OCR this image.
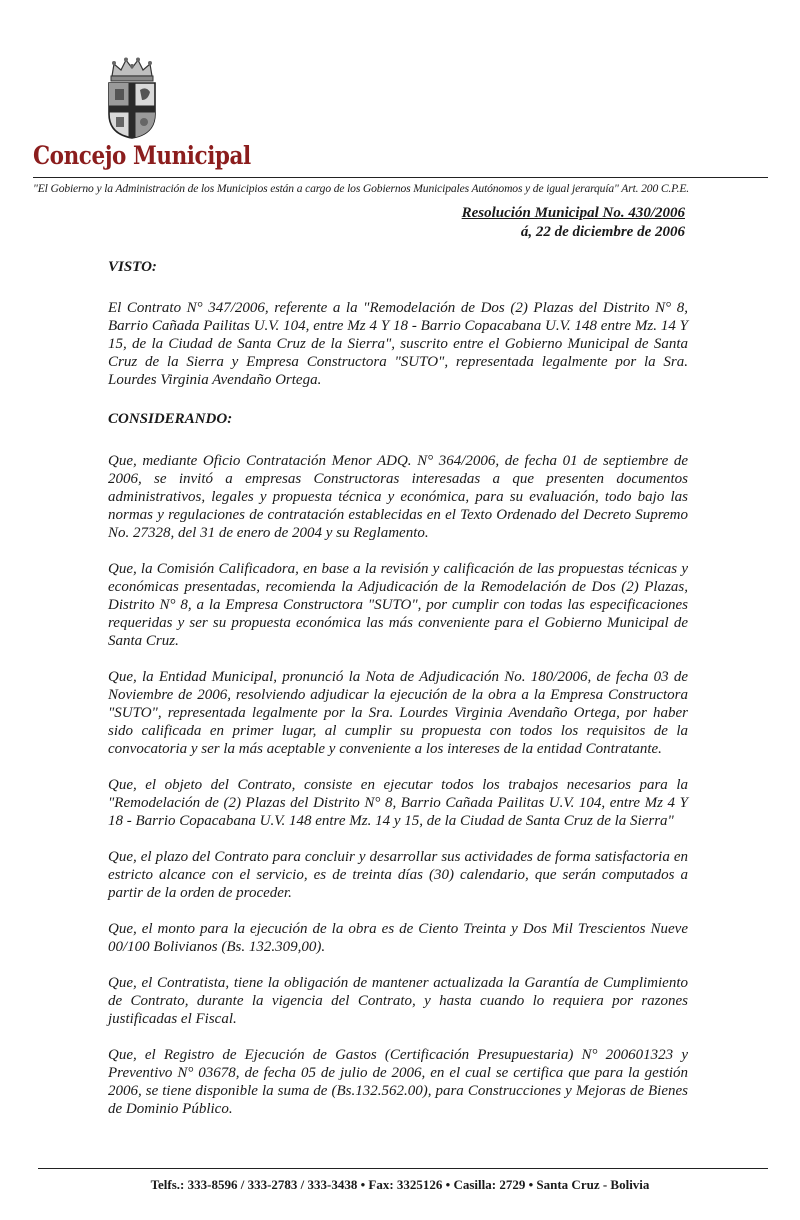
Concejo Municipal
"El Gobierno y la Administración de los Municipios están a cargo de los Gobiernos Municipales Autónomos y de igual jerarquía" Art. 200 C.P.E.
Resolución Municipal No. 430/2006
á, 22 de diciembre de 2006

VISTO:

El Contrato N° 347/2006, referente a la "Remodelación de Dos (2) Plazas del Distrito N° 8, Barrio Cañada Pailitas U.V. 104, entre Mz 4 Y 18 - Barrio Copacabana U.V. 148 entre Mz. 14 Y 15, de la Ciudad de Santa Cruz de la Sierra", suscrito entre el Gobierno Municipal de Santa Cruz de la Sierra y Empresa Constructora "SUTO", representada legalmente por la Sra. Lourdes Virginia Avendaño Ortega.

CONSIDERANDO:

Que, mediante Oficio Contratación Menor ADQ. N° 364/2006, de fecha 01 de septiembre de 2006, se invitó a empresas Constructoras interesadas a que presenten documentos administrativos, legales y propuesta técnica y económica, para su evaluación, todo bajo las normas y regulaciones de contratación establecidas en el Texto Ordenado del Decreto Supremo No. 27328, del 31 de enero de 2004 y su Reglamento.

Que, la Comisión Calificadora, en base a la revisión y calificación de las propuestas técnicas y económicas presentadas, recomienda la Adjudicación de la Remodelación de Dos (2) Plazas, Distrito N° 8, a la Empresa Constructora "SUTO", por cumplir con todas las especificaciones requeridas y ser su propuesta económica las más conveniente para el Gobierno Municipal de Santa Cruz.

Que, la Entidad Municipal, pronunció la Nota de Adjudicación No. 180/2006, de fecha 03 de Noviembre de 2006, resolviendo adjudicar la ejecución de la obra a la Empresa Constructora "SUTO", representada legalmente por la Sra. Lourdes Virginia Avendaño Ortega, por haber sido calificada en primer lugar, al cumplir su propuesta con todos los requisitos de la convocatoria y ser la más aceptable y conveniente a los intereses de la entidad Contratante.

Que, el objeto del Contrato, consiste en ejecutar todos los trabajos necesarios para la "Remodelación de (2) Plazas del Distrito N° 8, Barrio Cañada Pailitas U.V. 104, entre Mz 4 Y 18 - Barrio Copacabana U.V. 148 entre Mz. 14 y 15, de la Ciudad de Santa Cruz de la Sierra"

Que, el plazo del Contrato para concluir y desarrollar sus actividades de forma satisfactoria en estricto alcance con el servicio, es de treinta días (30) calendario, que serán computados a partir de la orden de proceder.

Que, el monto para la ejecución de la obra es de Ciento Treinta y Dos Mil Trescientos Nueve 00/100 Bolivianos (Bs. 132.309,00).

Que, el Contratista, tiene la obligación de mantener actualizada la Garantía de Cumplimiento de Contrato, durante la vigencia del Contrato, y hasta cuando lo requiera por razones justificadas el Fiscal.

Que, el Registro de Ejecución de Gastos (Certificación Presupuestaria) N° 200601323 y Preventivo N° 03678, de fecha 05 de julio de 2006, en el cual se certifica que para la gestión 2006, se tiene disponible la suma de (Bs.132.562.00), para Construcciones y Mejoras de Bienes de Dominio Público.

Telfs.: 333-8596 / 333-2783 / 333-3438 • Fax: 3325126 • Casilla: 2729 • Santa Cruz - Bolivia
